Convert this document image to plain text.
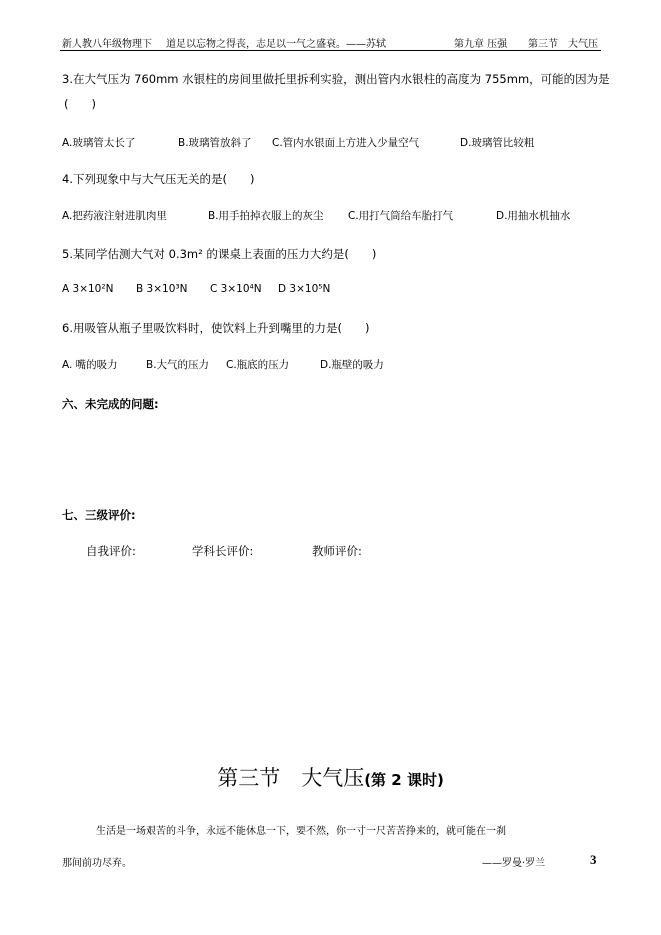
新人教八年级物理下 道足以忘物之得丧，志足以一气之盛衰。——苏轼	第九章 压强 第三节　大气压
3.在大气压为 760mm 水银柱的房间里做托里拆利实验，测出管内水银柱的高度为 755mm，可能的因为是
(　　)
A.玻璃管太长了	B.玻璃管放斜了 C.管内水银面上方进入少量空气	D.玻璃管比较粗
4.下列现象中与大气压无关的是(　　)
A.把药液注射进肌肉里	B.用手拍掉衣服上的灰尘 C.用打气筒给车胎打气	D.用抽水机抽水
5.某同学估测大气对 0.3m² 的课桌上表面的压力大约是(　　)
A 3×10²N B 3×10³N C 3×10⁴N D 3×10⁵N
6.用吸管从瓶子里吸饮料时，使饮料上升到嘴里的力是(　　)
A. 嘴的吸力	B.大气的压力 C.瓶底的压力	D.瓶壁的吸力
六、未完成的问题:
七、三级评价:
自我评价:	学科长评价:	教师评价:
第三节　大气压(第 2 课时)
生活是一场艰苦的斗争，永远不能休息一下，要不然，你一寸一尺苦苦挣来的，就可能在一刹
那间前功尽弃。	——罗曼·罗兰	3
